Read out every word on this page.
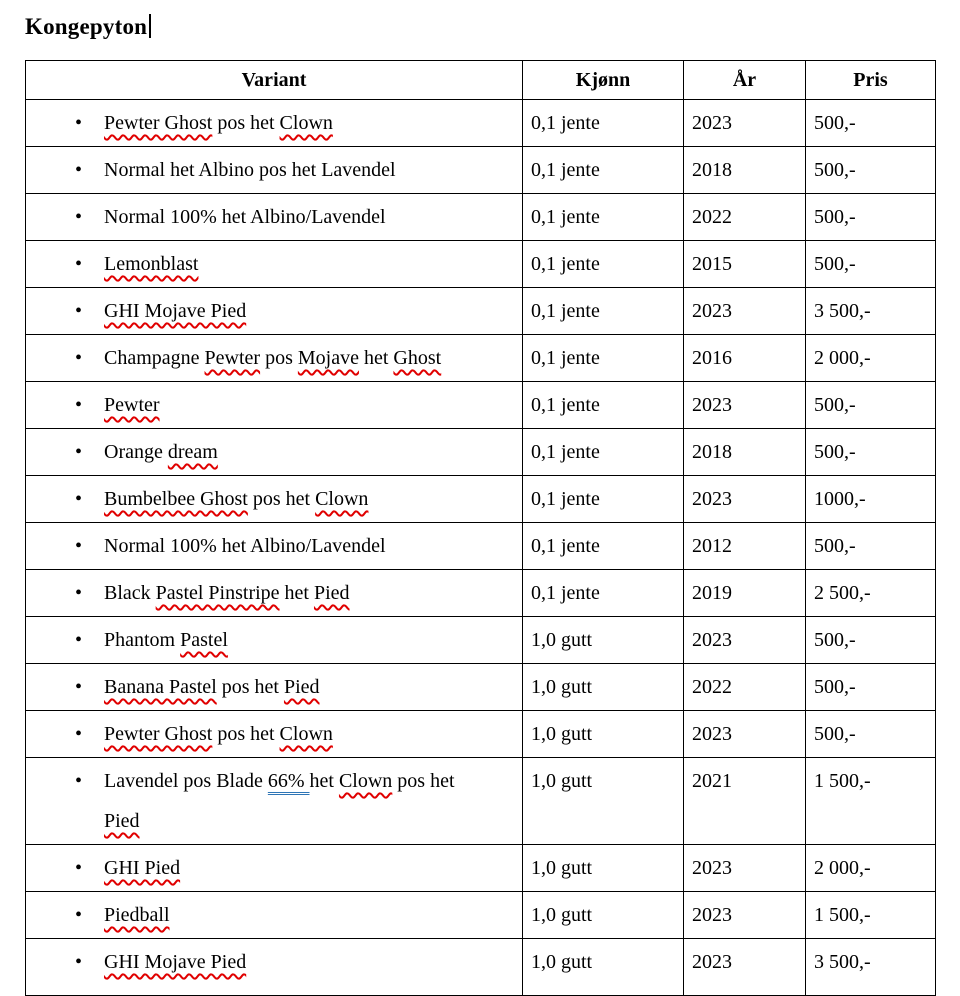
Kongepyton
Variant	Kjønn	År	Pris

• Pewter Ghost pos het Clown	0,1 jente	2023	500,-

• Normal het Albino pos het Lavendel	0,1 jente	2018	500,-

• Normal 100% het Albino/Lavendel	0,1 jente	2022	500,-

• Lemonblast	0,1 jente	2015	500,-

• GHI Mojave Pied	0,1 jente	2023	3 500,-

• Champagne Pewter pos Mojave het Ghost	0,1 jente	2016	2 000,-

• Pewter	0,1 jente	2023	500,-

• Orange dream	0,1 jente	2018	500,-

• Bumbelbee Ghost pos het Clown	0,1 jente	2023	1000,-

• Normal 100% het Albino/Lavendel	0,1 jente	2012	500,-

• Black Pastel Pinstripe het Pied	0,1 jente	2019	2 500,-

• Phantom Pastel	1,0 gutt	2023	500,-

• Banana Pastel pos het Pied	1,0 gutt	2022	500,-

• Pewter Ghost pos het Clown	1,0 gutt	2023	500,-

• Lavendel pos Blade 66% het Clown pos het
Pied	1,0 gutt	2021	1 500,-

• GHI Pied	1,0 gutt	2023	2 000,-

• Piedball	1,0 gutt	2023	1 500,-

• GHI Mojave Pied	1,0 gutt	2023	3 500,-
